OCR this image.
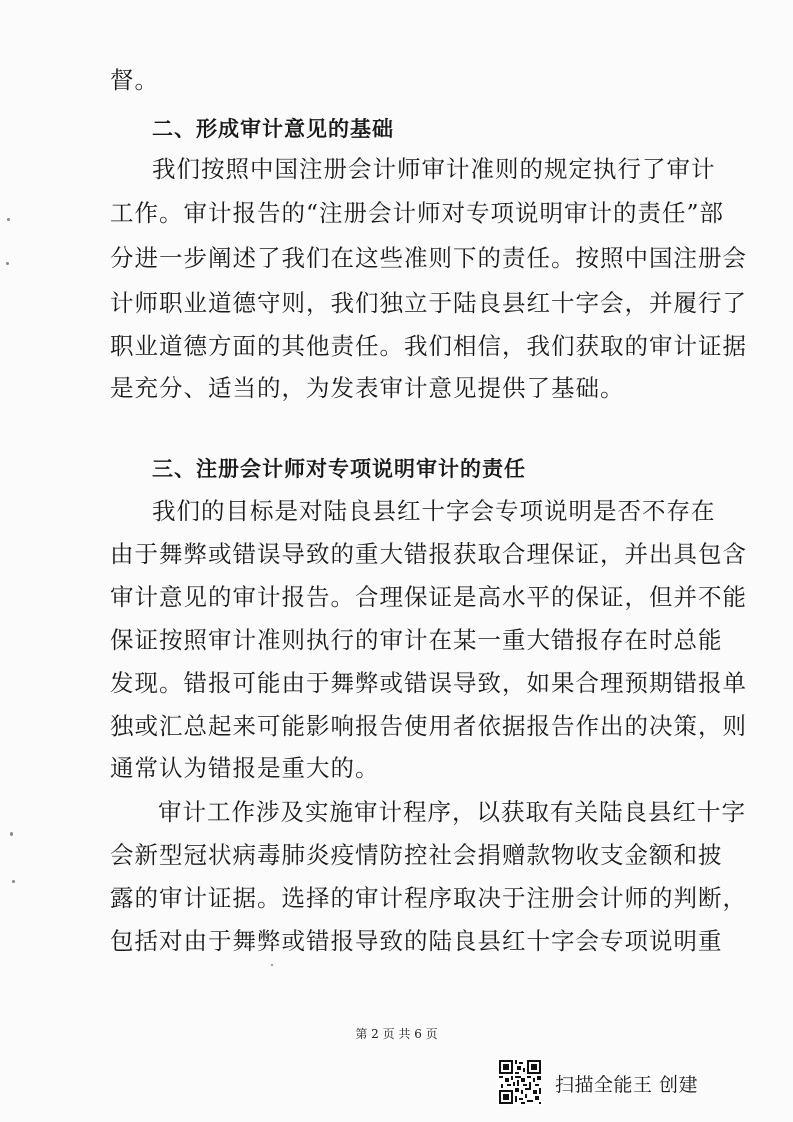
督。
二、形成审计意见的基础
我们按照中国注册会计师审计准则的规定执行了审计
工作。审计报告的“注册会计师对专项说明审计的责任”部
分进一步阐述了我们在这些准则下的责任。按照中国注册会
计师职业道德守则，我们独立于陆良县红十字会，并履行了
职业道德方面的其他责任。我们相信，我们获取的审计证据
是充分、适当的，为发表审计意见提供了基础。
三、注册会计师对专项说明审计的责任
我们的目标是对陆良县红十字会专项说明是否不存在
由于舞弊或错误导致的重大错报获取合理保证，并出具包含
审计意见的审计报告。合理保证是高水平的保证，但并不能
保证按照审计准则执行的审计在某一重大错报存在时总能
发现。错报可能由于舞弊或错误导致，如果合理预期错报单
独或汇总起来可能影响报告使用者依据报告作出的决策，则
通常认为错报是重大的。
审计工作涉及实施审计程序，以获取有关陆良县红十字
会新型冠状病毒肺炎疫情防控社会捐赠款物收支金额和披
露的审计证据。选择的审计程序取决于注册会计师的判断，
包括对由于舞弊或错报导致的陆良县红十字会专项说明重
第 2 页 共 6 页
扫描全能王 创建
